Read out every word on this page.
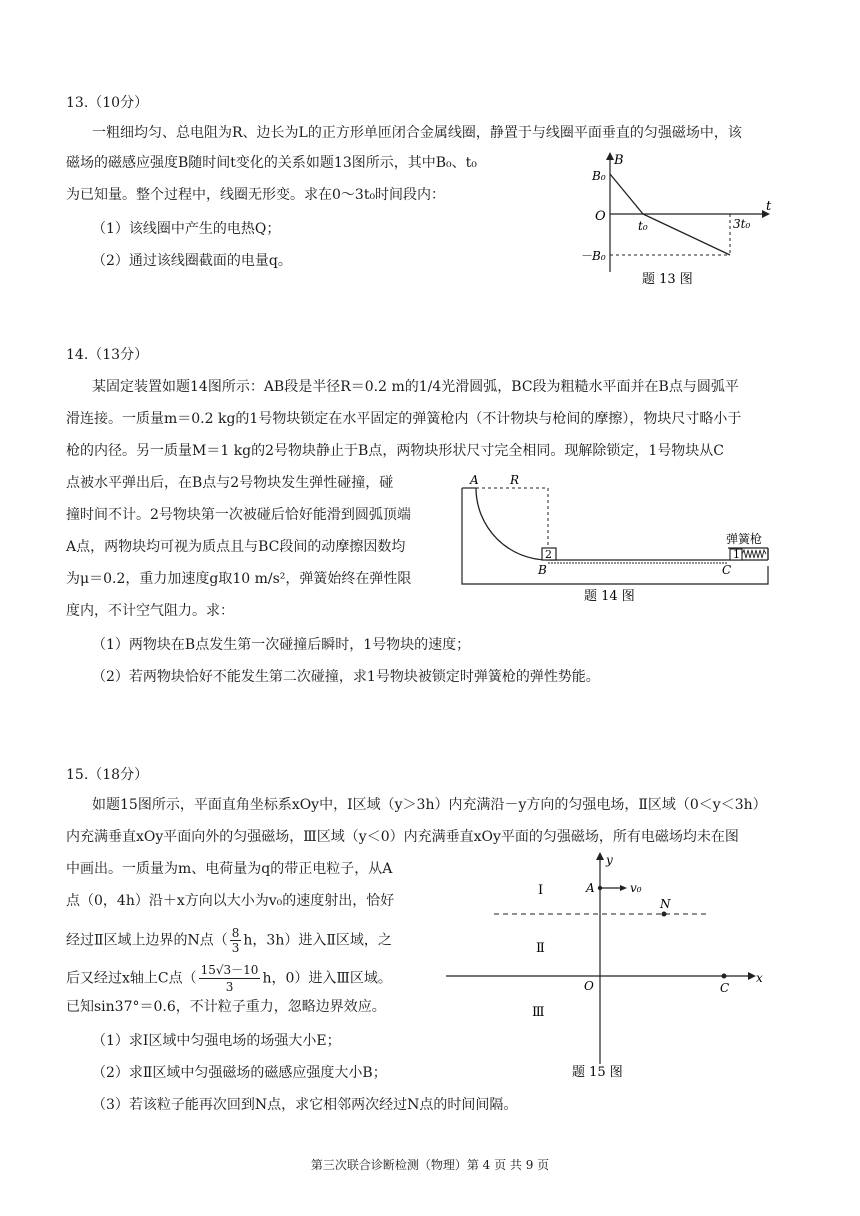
13.（10分）
一粗细均匀、总电阻为R、边长为L的正方形单匝闭合金属线圈，静置于与线圈平面垂直的匀强磁场中，该
磁场的磁感应强度B随时间t变化的关系如题13图所示，其中B₀、t₀
为已知量。整个过程中，线圈无形变。求在0～3t₀时间段内：
（1）该线圈中产生的电热Q；
（2）通过该线圈截面的电量q。
B
t
B₀
O
t₀	3t₀
－B₀
题 13 图
14.（13分）
某固定装置如题14图所示：AB段是半径R＝0.2 m的1/4光滑圆弧，BC段为粗糙水平面并在B点与圆弧平
滑连接。一质量m＝0.2 kg的1号物块锁定在水平固定的弹簧枪内（不计物块与枪间的摩擦），物块尺寸略小于
枪的内径。另一质量M＝1 kg的2号物块静止于B点，两物块形状尺寸完全相同。现解除锁定，1号物块从C
点被水平弹出后，在B点与2号物块发生弹性碰撞，碰
撞时间不计。2号物块第一次被碰后恰好能滑到圆弧顶端
A点，两物块均可视为质点且与BC段间的动摩擦因数均
为μ＝0.2，重力加速度g取10 m/s²，弹簧始终在弹性限
度内，不计空气阻力。求：
（1）两物块在B点发生第一次碰撞后瞬时，1号物块的速度；
（2）若两物块恰好不能发生第二次碰撞，求1号物块被锁定时弹簧枪的弹性势能。
2	1
A	R
B	C
弹簧枪
题 14 图
15.（18分）
如题15图所示，平面直角坐标系xOy中，Ⅰ区域（y＞3h）内充满沿－y方向的匀强电场，Ⅱ区域（0＜y＜3h）
内充满垂直xOy平面向外的匀强磁场，Ⅲ区域（y＜0）内充满垂直xOy平面的匀强磁场，所有电磁场均未在图
中画出。一质量为m、电荷量为q的带正电粒子，从A
点（0，4h）沿＋x方向以大小为v₀的速度射出，恰好
经过Ⅱ区域上边界的N点（ $\frac{8}{3}$ h，3h）进入Ⅱ区域，之
后又经过x轴上C点（ $\frac{15√3-10}{3}$ h，0）进入Ⅲ区域。
已知sin37°＝0.6，不计粒子重力，忽略边界效应。
（1）求Ⅰ区域中匀强电场的场强大小E；
（2）求Ⅱ区域中匀强磁场的磁感应强度大小B；
（3）若该粒子能再次回到N点，求它相邻两次经过N点的时间间隔。
y
x
O
A	v₀
N
C
Ⅰ
Ⅱ
Ⅲ
题 15 图
第三次联合诊断检测（物理）第 4 页 共 9 页
